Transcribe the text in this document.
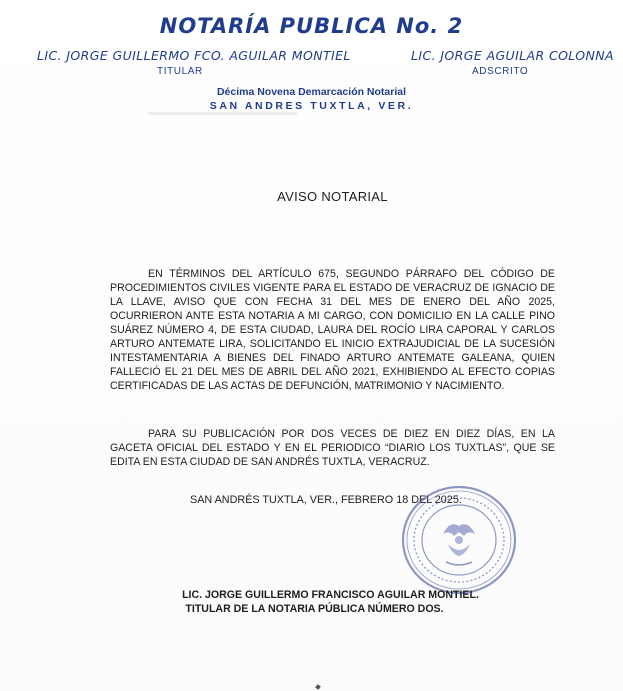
NOTARÍA PUBLICA No. 2
LIC. JORGE GUILLERMO FCO. AGUILAR MONTIEL
TITULAR
LIC. JORGE AGUILAR COLONNA
ADSCRITO
Décima Novena Demarcación Notarial
SAN ANDRES TUXTLA, VER.
AVISO NOTARIAL
EN TÉRMINOS DEL ARTÍCULO 675, SEGUNDO PÁRRAFO DEL CÓDIGO DE PROCEDIMIENTOS CIVILES VIGENTE PARA EL ESTADO DE VERACRUZ DE IGNACIO DE LA LLAVE, AVISO QUE CON FECHA 31 DEL MES DE ENERO DEL AÑO 2025, OCURRIERON ANTE ESTA NOTARIA A MI CARGO, CON DOMICILIO EN LA CALLE PINO SUÁREZ NÚMERO 4, DE ESTA CIUDAD, LAURA DEL ROCÍO LIRA CAPORAL Y CARLOS ARTURO ANTEMATE LIRA, SOLICITANDO EL INICIO EXTRAJUDICIAL DE LA SUCESIÓN INTESTAMENTARIA A BIENES DEL FINADO ARTURO ANTEMATE GALEANA, QUIEN FALLECIÓ EL 21 DEL MES DE ABRIL DEL AÑO 2021, EXHIBIENDO AL EFECTO COPIAS CERTIFICADAS DE LAS ACTAS DE DEFUNCIÓN, MATRIMONIO Y NACIMIENTO.
PARA SU PUBLICACIÓN POR DOS VECES DE DIEZ EN DIEZ DÍAS, EN LA GACETA OFICIAL DEL ESTADO Y EN EL PERIODICO “DIARIO LOS TUXTLAS”, QUE SE EDITA EN ESTA CIUDAD DE SAN ANDRÉS TUXTLA, VERACRUZ.
SAN ANDRÉS TUXTLA, VER., FEBRERO 18 DEL 2025.
LIC. JORGE GUILLERMO FRANCISCO AGUILAR MONTIEL.
TITULAR DE LA NOTARIA PÚBLICA NÚMERO DOS.
